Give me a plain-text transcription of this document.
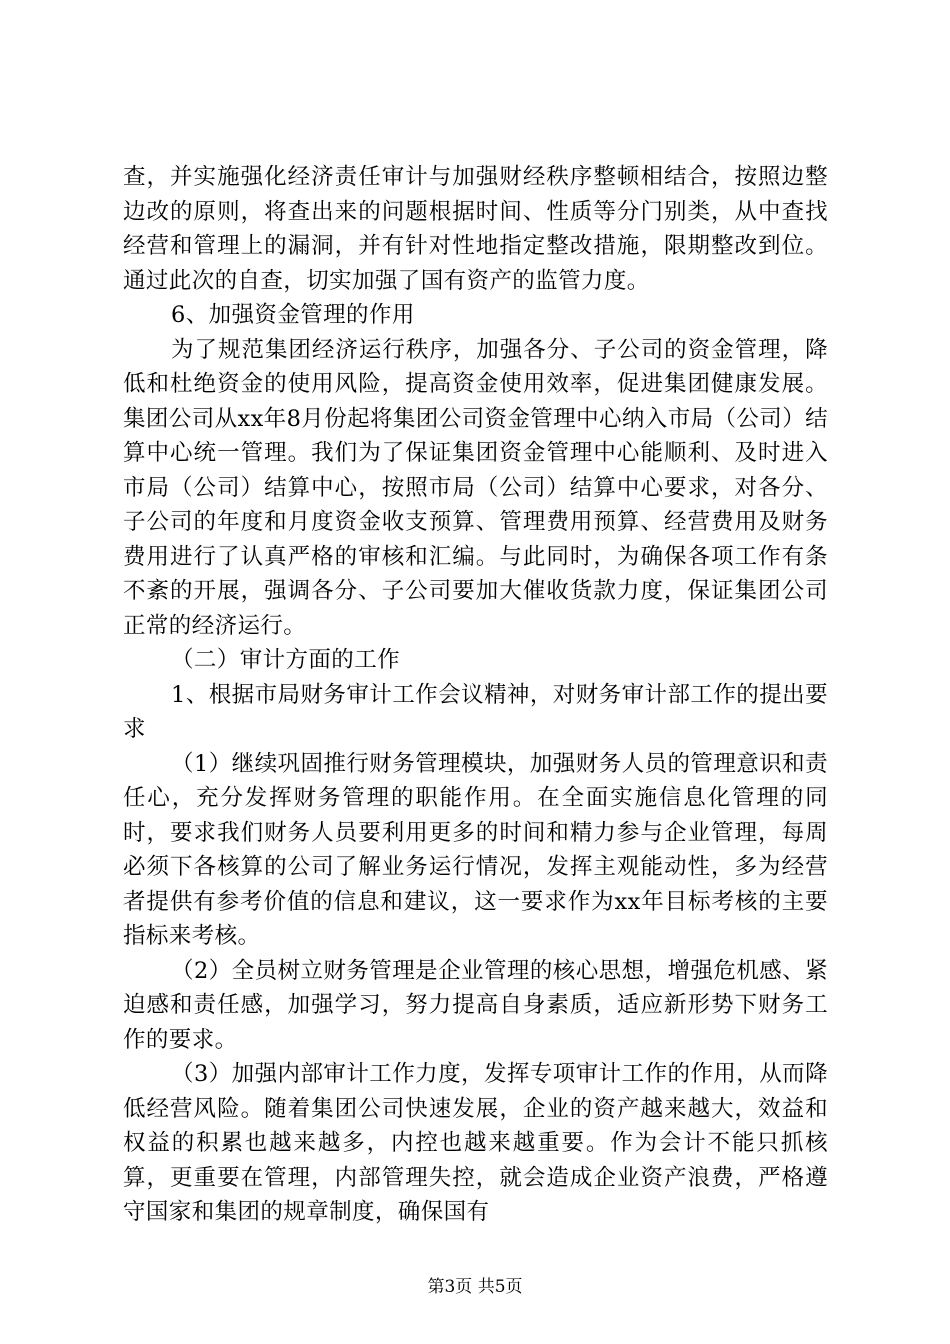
查，并实施强化经济责任审计与加强财经秩序整顿相结合，按照边整边改的原则，将查出来的问题根据时间、性质等分门别类，从中查找经营和管理上的漏洞，并有针对性地指定整改措施，限期整改到位。通过此次的自查，切实加强了国有资产的监管力度。

6、加强资金管理的作用

为了规范集团经济运行秩序，加强各分、子公司的资金管理，降低和杜绝资金的使用风险，提高资金使用效率，促进集团健康发展。集团公司从xx年8月份起将集团公司资金管理中心纳入市局（公司）结算中心统一管理。我们为了保证集团资金管理中心能顺利、及时进入市局（公司）结算中心，按照市局（公司）结算中心要求，对各分、子公司的年度和月度资金收支预算、管理费用预算、经营费用及财务费用进行了认真严格的审核和汇编。与此同时，为确保各项工作有条不紊的开展，强调各分、子公司要加大催收货款力度，保证集团公司正常的经济运行。

（二）审计方面的工作

1、根据市局财务审计工作会议精神，对财务审计部工作的提出要求

（1）继续巩固推行财务管理模块，加强财务人员的管理意识和责任心，充分发挥财务管理的职能作用。在全面实施信息化管理的同时，要求我们财务人员要利用更多的时间和精力参与企业管理，每周必须下各核算的公司了解业务运行情况，发挥主观能动性，多为经营者提供有参考价值的信息和建议，这一要求作为xx年目标考核的主要指标来考核。

（2）全员树立财务管理是企业管理的核心思想，增强危机感、紧迫感和责任感，加强学习，努力提高自身素质，适应新形势下财务工作的要求。

（3）加强内部审计工作力度，发挥专项审计工作的作用，从而降低经营风险。随着集团公司快速发展，企业的资产越来越大，效益和权益的积累也越来越多，内控也越来越重要。作为会计不能只抓核算，更重要在管理，内部管理失控，就会造成企业资产浪费，严格遵守国家和集团的规章制度，确保国有

第3页 共5页
